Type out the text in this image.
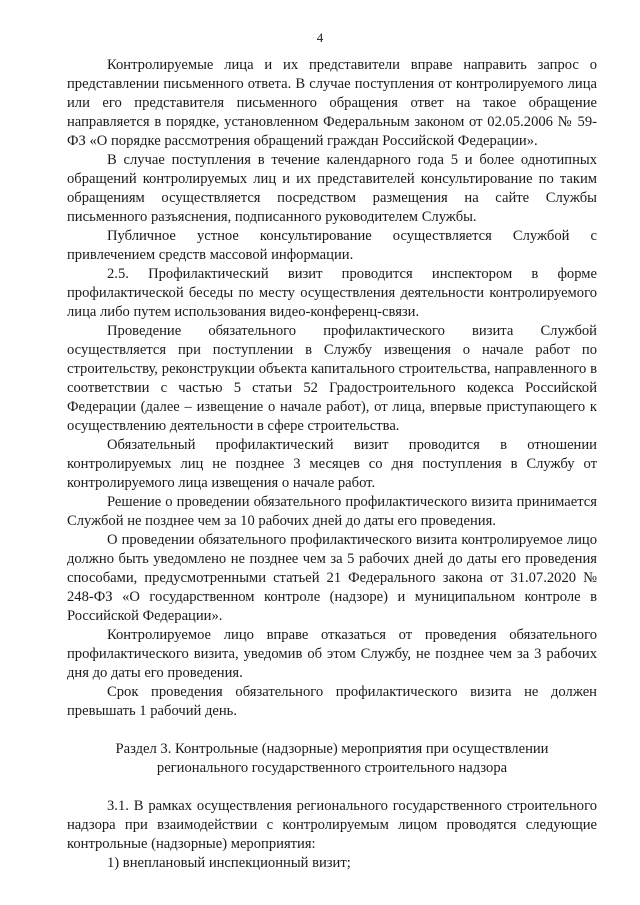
4

Контролируемые лица и их представители вправе направить запрос о представлении письменного ответа. В случае поступления от контролируемого лица или его представителя письменного обращения ответ на такое обращение направляется в порядке, установленном Федеральным законом от 02.05.2006 № 59-ФЗ «О порядке рассмотрения обращений граждан Российской Федерации».

В случае поступления в течение календарного года 5 и более однотипных обращений контролируемых лиц и их представителей консультирование по таким обращениям осуществляется посредством размещения на сайте Службы письменного разъяснения, подписанного руководителем Службы.

Публичное устное консультирование осуществляется Службой с привлечением средств массовой информации.

2.5. Профилактический визит проводится инспектором в форме профилактической беседы по месту осуществления деятельности контролируемого лица либо путем использования видео-конференц-связи.

Проведение обязательного профилактического визита Службой осуществляется при поступлении в Службу извещения о начале работ по строительству, реконструкции объекта капитального строительства, направленного в соответствии с частью 5 статьи 52 Градостроительного кодекса Российской Федерации (далее – извещение о начале работ), от лица, впервые приступающего к осуществлению деятельности в сфере строительства.

Обязательный профилактический визит проводится в отношении контролируемых лиц не позднее 3 месяцев со дня поступления в Службу от контролируемого лица извещения о начале работ.

Решение о проведении обязательного профилактического визита принимается Службой не позднее чем за 10 рабочих дней до даты его проведения.

О проведении обязательного профилактического визита контролируемое лицо должно быть уведомлено не позднее чем за 5 рабочих дней до даты его проведения способами, предусмотренными статьей 21 Федерального закона от 31.07.2020 № 248-ФЗ «О государственном контроле (надзоре) и муниципальном контроле в Российской Федерации».

Контролируемое лицо вправе отказаться от проведения обязательного профилактического визита, уведомив об этом Службу, не позднее чем за 3 рабочих дня до даты его проведения.

Срок проведения обязательного профилактического визита не должен превышать 1 рабочий день.

Раздел 3. Контрольные (надзорные) мероприятия при осуществлении регионального государственного строительного надзора

3.1. В рамках осуществления регионального государственного строительного надзора при взаимодействии с контролируемым лицом проводятся следующие контрольные (надзорные) мероприятия:

1) внеплановый инспекционный визит;
